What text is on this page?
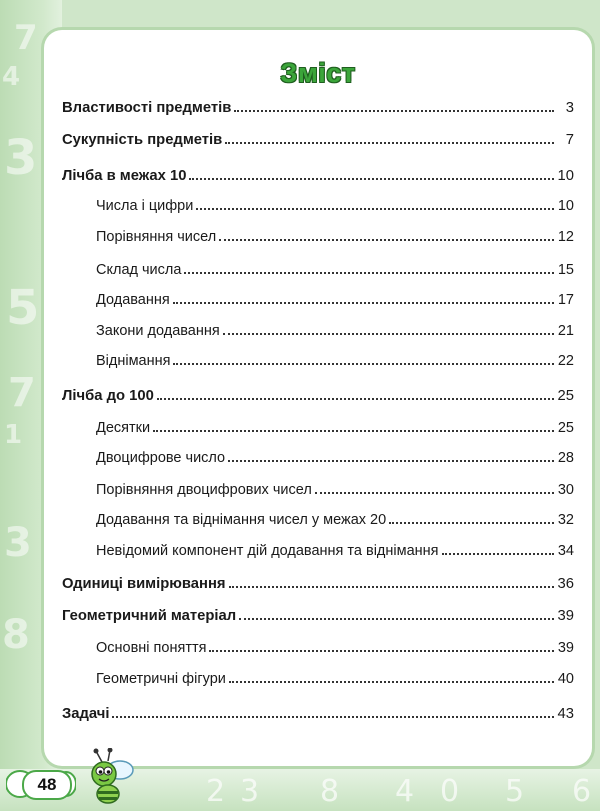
7
4
3
5
7
1
3
8
2 3 8 4 0 5 6
Зміст
Властивості предметів	3
Сукупність предметів	7
Лічба в межах 10	10
Числа і цифри	10
Порівняння чисел	12
Склад числа	15
Додавання	17
Закони додавання	21
Віднімання	22
Лічба до 100	25
Десятки	25
Двоцифрове число	28
Порівняння двоцифрових чисел	30
Додавання та віднімання чисел у межах 20	32
Невідомий компонент дій додавання та віднімання	34
Одиниці вимірювання	36
Геометричний матеріал	39
Основні поняття	39
Геометричні фігури	40
Задачі	43
48
